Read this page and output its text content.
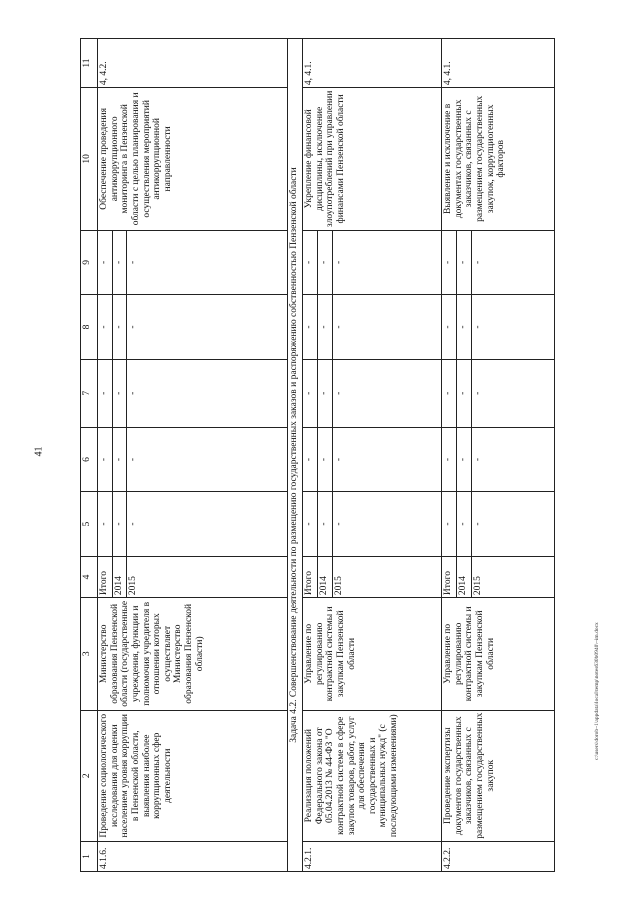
41
c:\users\dorob~1\appdata\local\temp\notes630b0940\~im.docx
1	2	3	4	5	6	7	8	9	10	11
4.1.6.	Проведение социологического исследования для оценки населением уровня коррупции в Пензенской области, выявления наиболее коррупционных сфер деятельности	Министерство образования Пензенской области (государственные учреждения, функции и полномочия учредителя в отношении которых осуществляет Министерство образования Пензенской области)	Итого	-	-	-	-	-	Обеспечение проведения антикоррупционного мониторинга в Пензенской области с целью планирования и осуществления мероприятий антикоррупционной направленности	4, 4.2.
			2014	-	-	-	-	-		
			2015	-	-	-	-	-		
Задача 4.2. Совершенствование деятельности по размещению государственных заказов и распоряжению собственностью Пензенской области										
4.2.1.	Реализация положений Федерального закона от 05.04.2013 № 44-ФЗ "О контрактной системе в сфере закупок товаров, работ, услуг для обеспечения государственных и муниципальных нужд" (с последующими изменениями)	Управление по регулированию контрактной системы и закупкам Пензенской области	Итого	-	-	-	-	-	Укрепление финансовой дисциплины, исключение злоупотреблений при управлении финансами Пензенской области	4, 4.1.
			2014	-	-	-	-	-		
			2015	-	-	-	-	-		
4.2.2.	Проведение экспертизы документов государственных заказчиков, связанных с размещением государственных закупок	Управление по регулированию контрактной системы и закупкам Пензенской области	Итого	-	-	-	-	-	Выявление и исключение в документах государственных заказчиков, связанных с размещением государственных закупок, коррупциогенных факторов	4, 4.1.
			2014	-	-	-	-	-		
			2015	-	-	-	-	-		
